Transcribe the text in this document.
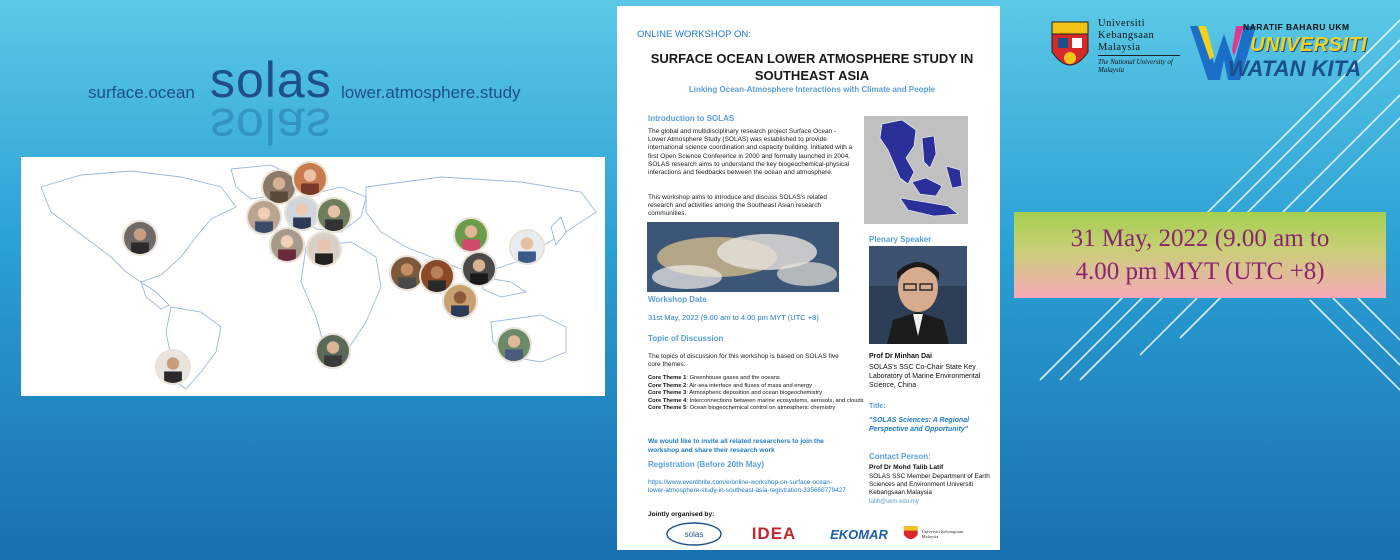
surface.ocean solas
solas
lower.atmosphere.study
ONLINE WORKSHOP ON:
SURFACE OCEAN LOWER ATMOSPHERE STUDY IN SOUTHEAST ASIA
Linking Ocean-Atmosphere Interactions with Climate and People
Introduction to SOLAS
The global and multidisciplinary research project Surface Ocean - Lower Atmosphere Study (SOLAS) was established to provide international science coordination and capacity building. Initiated with a first Open Science Conference in 2000 and formally launched in 2004, SOLAS research aims to understand the key biogeochemical-physical interactions and feedbacks between the ocean and atmosphere.
This workshop aims to introduce and discuss SOLAS's related research and activities among the Southeast Asian research communities.
Workshop Date
31st May, 2022 (9.00 am to 4.00 pm MYT (UTC +8)
Topic of Discussion
The topics of discussion for this workshop is based on SOLAS five core themes:
Core Theme 1: Greenhouse gases and the oceans
Core Theme 2: Air-sea interface and fluxes of mass and energy
Core Theme 3: Atmospheric deposition and ocean biogeochemistry
Core Theme 4: Interconnections between marine ecosystems, aerosols, and clouds
Core Theme 5: Ocean biogeochemical control on atmospheric chemistry
We would like to invite all related researchers to join the workshop and share their research work
Registration (Before 20th May)
https://www.eventbrite.com/e/online-workshop-on-surface-ocean-lower-atmosphere-study-in-southeast-asia-registration-335660779427
Jointly organised by:
Plenary Speaker
Prof Dr Minhan Dai
SOLAS's SSC Co-Chair State Key Laboratory of Marine Environmental Science, China
Title:
"SOLAS Sciences: A Regional Perspective and Opportunity"
Contact Person:
Prof Dr Mohd Talib Latif
SOLAS SSC Member Department of Earth Sciences and Environment Universiti Kebangsaan Malaysia
talib@ukm.edu.my
solas	IDEA	EKOMAR	Universiti Kebangsaan Malaysia
Universiti
Kebangsaan
Malaysia
The National University of Malaysia
NARATIF BAHARU UKM
UNIVERSITI
WATAN KITA
31 May, 2022 (9.00 am to
4.00 pm MYT (UTC +8)
